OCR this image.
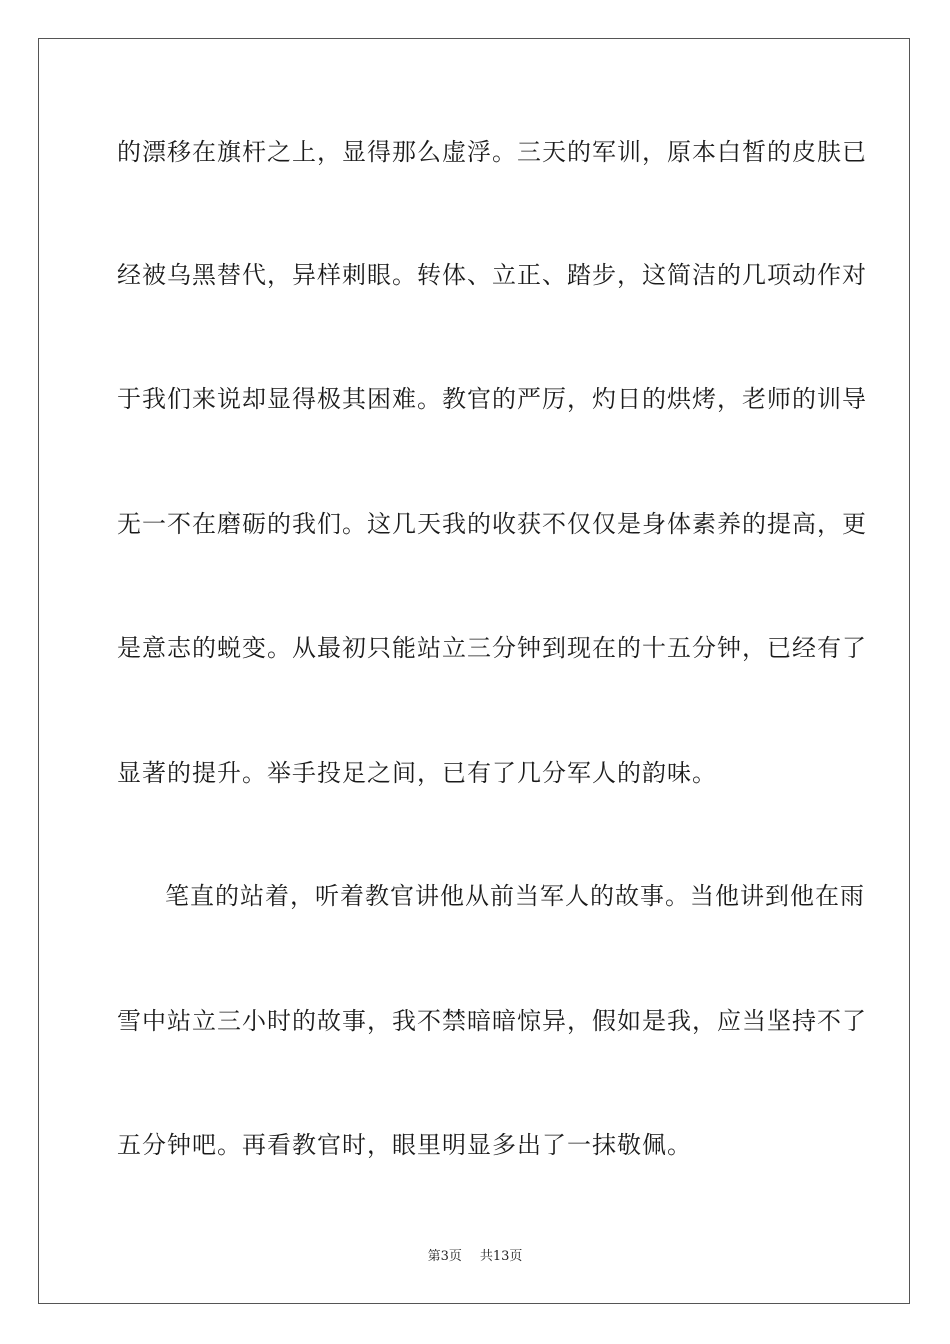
的漂移在旗杆之上，显得那么虚浮。三天的军训，原本白皙的皮肤已
经被乌黑替代，异样刺眼。转体、立正、踏步，这简洁的几项动作对
于我们来说却显得极其困难。教官的严厉，灼日的烘烤，老师的训导
无一不在磨砺的我们。这几天我的收获不仅仅是身体素养的提高，更
是意志的蜕变。从最初只能站立三分钟到现在的十五分钟，已经有了
显著的提升。举手投足之间，已有了几分军人的韵味。
笔直的站着，听着教官讲他从前当军人的故事。当他讲到他在雨
雪中站立三小时的故事，我不禁暗暗惊异，假如是我，应当坚持不了
五分钟吧。再看教官时，眼里明显多出了一抹敬佩。
第3页 共13页
